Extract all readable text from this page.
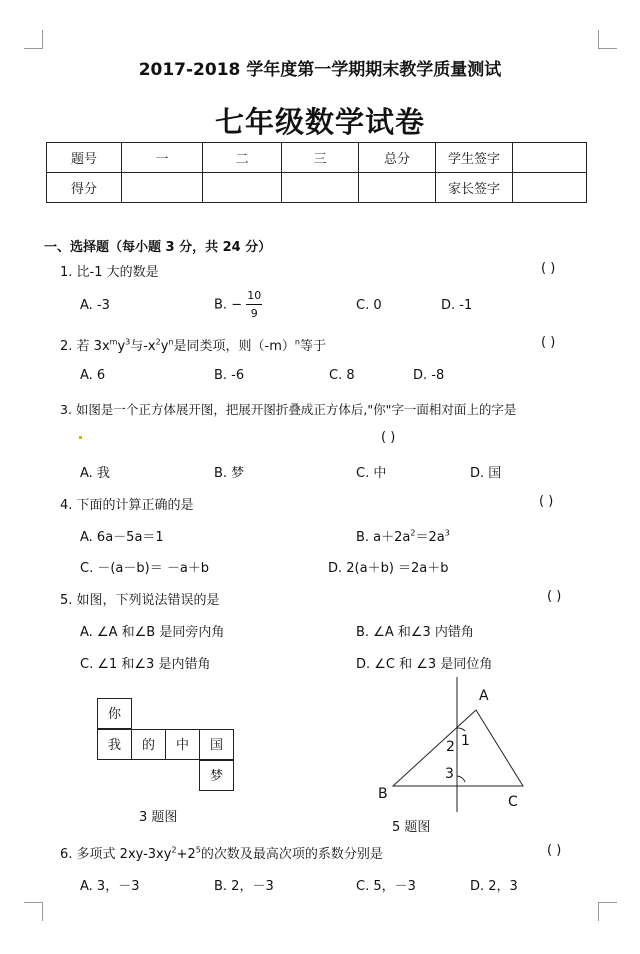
2017-2018 学年度第一学期期末教学质量测试
七年级数学试卷
题号	一	二	三	总分	学生签字	
得分					家长签字	
一、选择题（每小题 3 分，共 24 分）
1. 比-1 大的数是	( )
A. -3	B. − $\frac{10}{9}$	C. 0	D. -1
2. 若 $3x^my^3$与$-x^2y^n$是同类项，则$(-m)^n$等于	( )
A. 6	B. -6	C. 8	D. -8
3. 如图是一个正方体展开图，把展开图折叠成正方体后,"你"字一面相对面上的字是
( )
A. 我	B. 梦	C. 中	D. 国
4. 下面的计算正确的是	( )
A. 6a－5a＝1	B. $a+2a^2=2a^3$
C. －(a－b)＝ －a＋b	D. 2(a＋b) ＝2a＋b
5. 如图，下列说法错误的是	( )
A. ∠A 和∠B 是同旁内角	B. ∠A 和∠3 内错角
C. ∠1 和∠3 是内错角	D. ∠C 和 ∠3 是同位角
你
我	的	中	国
梦
3 题图
A
B	C
1
2
3
5 题图
6. 多项式 $2xy-3xy^2+2^5$的次数及最高次项的系数分别是	( )
A. 3，－3	B. 2，－3	C. 5，－3	D. 2，3
